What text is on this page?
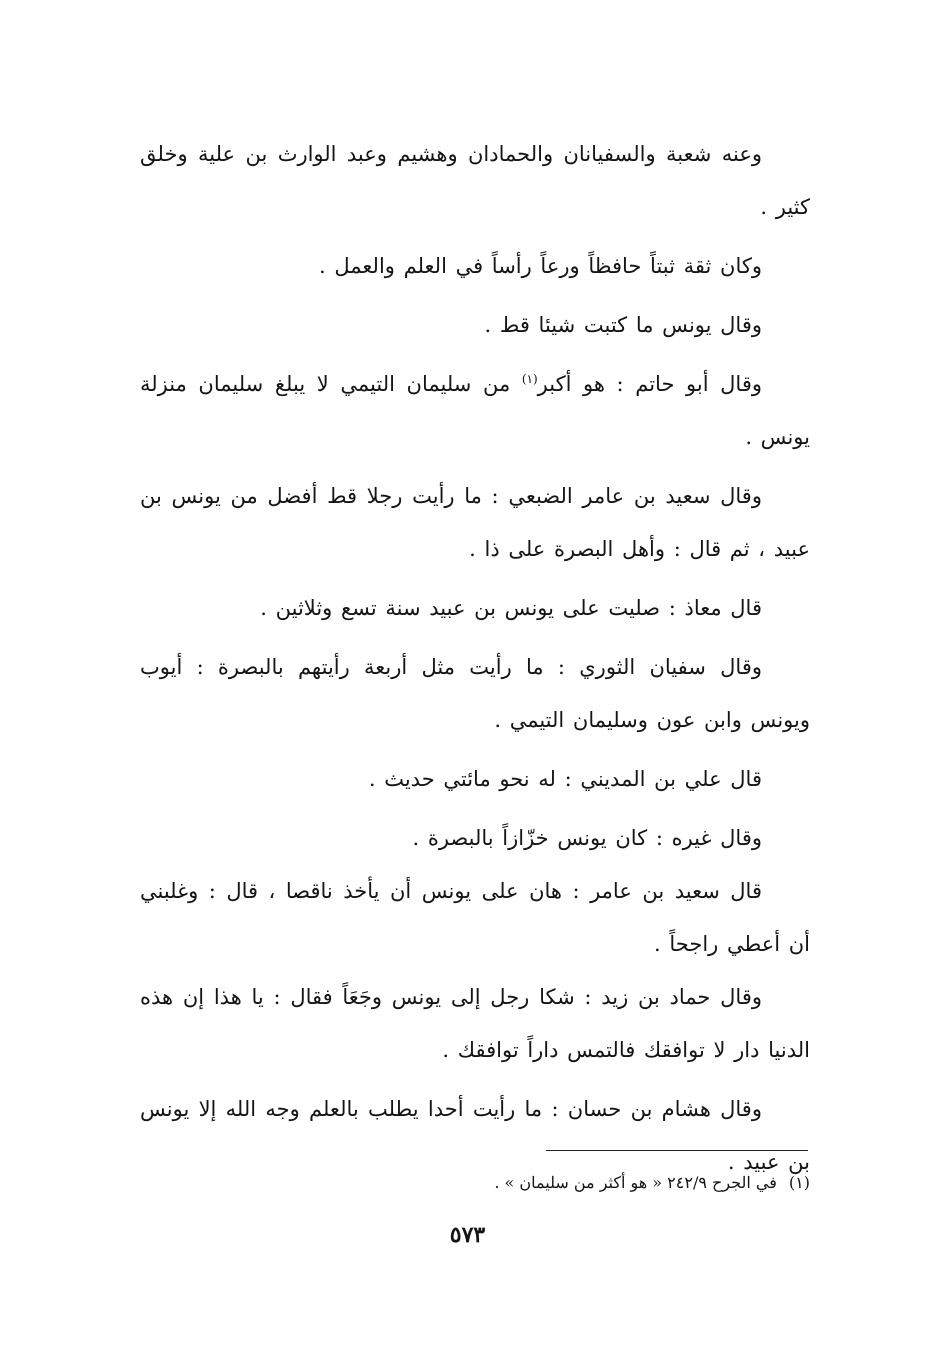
وعنه شعبة والسفيانان والحمادان وهشيم وعبد الوارث بن علية وخلق كثير .

وكان ثقة ثبتاً حافظاً ورعاً رأساً في العلم والعمل .

وقال يونس ما كتبت شيئا قط .

وقال أبو حاتم : هو أكبر$^{(١)}$ من سليمان التيمي لا يبلغ سليمان منزلة يونس .

وقال سعيد بن عامر الضبعي : ما رأيت رجلا قط أفضل من يونس بن عبيد ، ثم قال : وأهل البصرة على ذا .

قال معاذ : صليت على يونس بن عبيد سنة تسع وثلاثين .

وقال سفيان الثوري : ما رأيت مثل أربعة رأيتهم بالبصرة : أيوب ويونس وابن عون وسليمان التيمي .

قال علي بن المديني : له نحو مائتي حديث .

وقال غيره : كان يونس خزّازاً بالبصرة .

قال سعيد بن عامر : هان على يونس أن يأخذ ناقصا ، قال : وغلبني أن أعطي راجحاً .

وقال حماد بن زيد : شكا رجل إلى يونس وجَعَاً فقال : يا هذا إن هذه الدنيا دار لا توافقك فالتمس داراً توافقك .

وقال هشام بن حسان : ما رأيت أحدا يطلب بالعلم وجه الله إلا يونس بن عبيد .

(١)في الجرح ٢٤٢/٩ « هو أكثر من سليمان » .
٥٧٣
